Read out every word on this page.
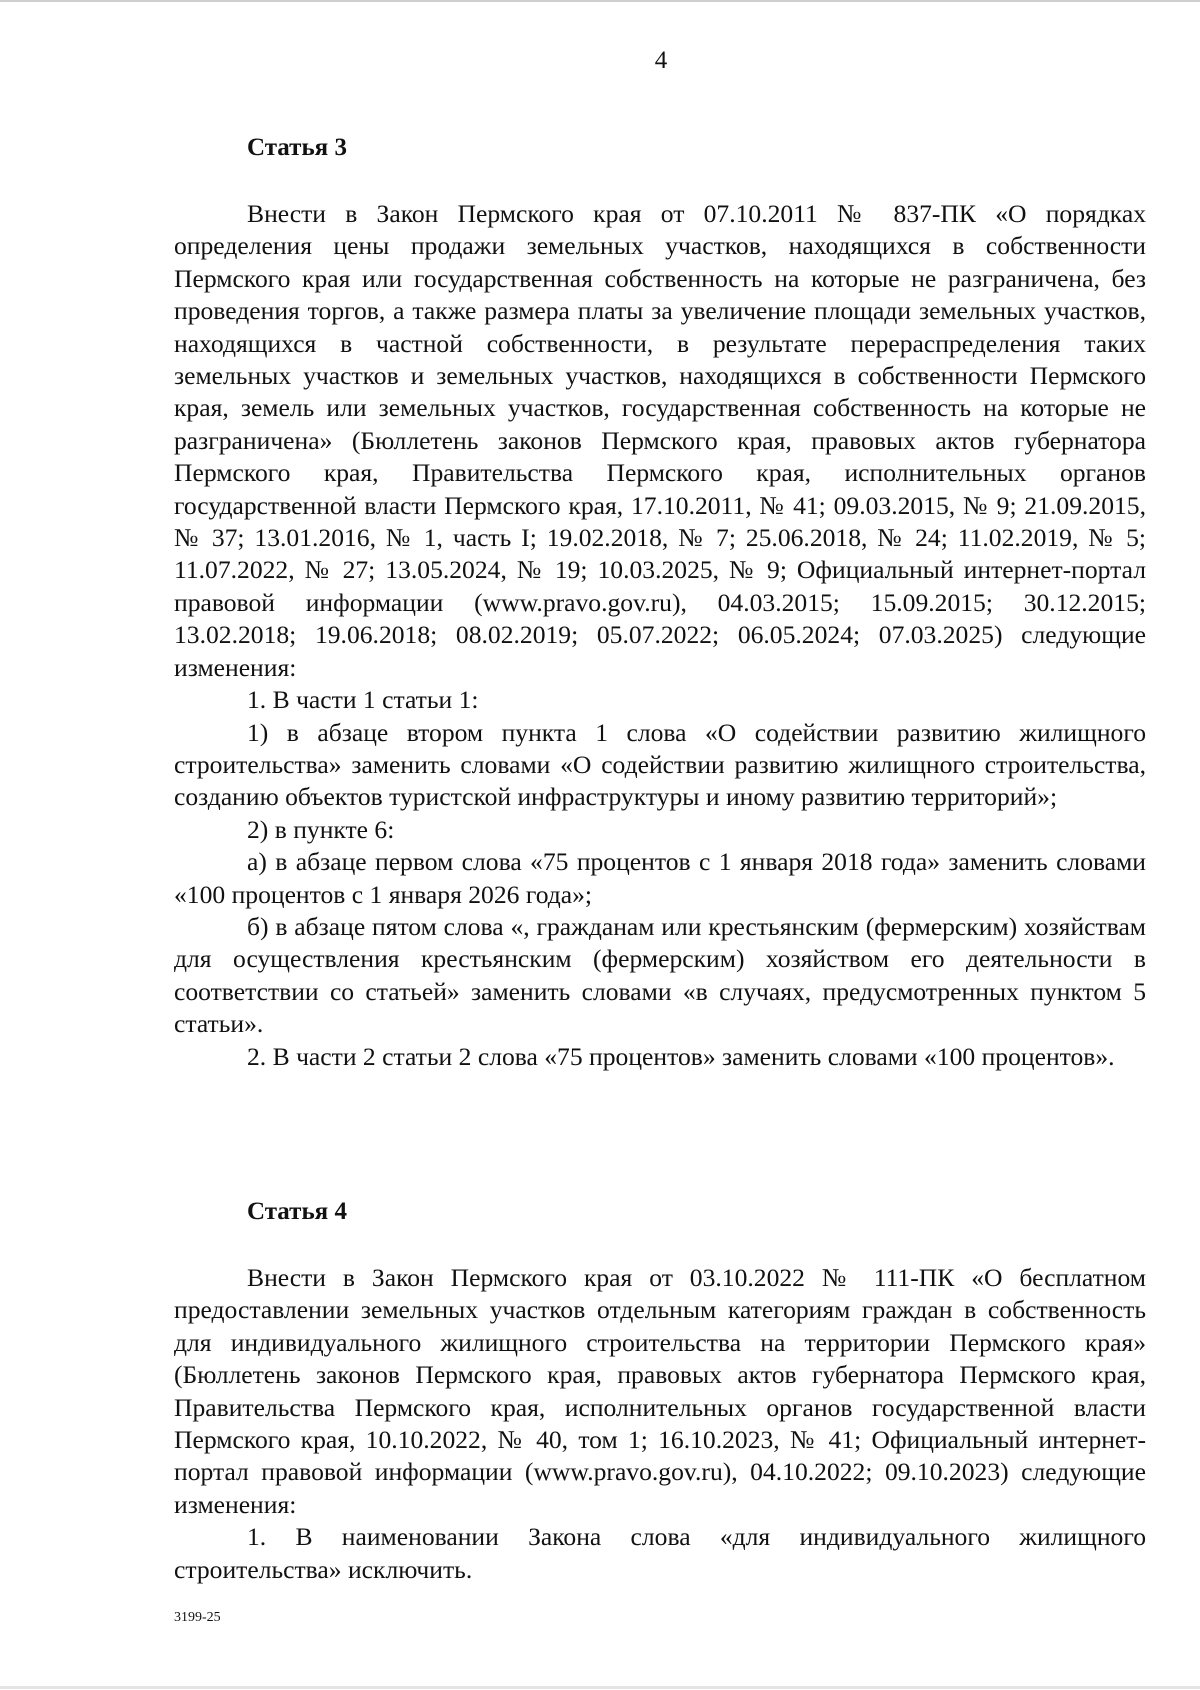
4
Статья 3

Внести в Закон Пермского края от 07.10.2011 № 837-ПК «О порядках определения цены продажи земельных участков, находящихся в собственности Пермского края или государственная собственность на которые не разграничена, без проведения торгов, а также размера платы за увеличение площади земельных участков, находящихся в частной собственности, в результате перераспределения таких земельных участков и земельных участков, находящихся в собственности Пермского края, земель или земельных участков, государственная собственность на которые не разграничена» (Бюллетень законов Пермского края, правовых актов губернатора Пермского края, Правительства Пермского края, исполнительных органов государственной власти Пермского края, 17.10.2011, № 41; 09.03.2015, № 9; 21.09.2015, № 37; 13.01.2016, № 1, часть I; 19.02.2018, № 7; 25.06.2018, № 24; 11.02.2019, № 5; 11.07.2022, № 27; 13.05.2024, № 19; 10.03.2025, № 9; Официальный интернет-портал правовой информации (www.pravo.gov.ru), 04.03.2015; 15.09.2015; 30.12.2015; 13.02.2018; 19.06.2018; 08.02.2019; 05.07.2022; 06.05.2024; 07.03.2025) следующие изменения:

1. В части 1 статьи 1:

1) в абзаце втором пункта 1 слова «О содействии развитию жилищного строительства» заменить словами «О содействии развитию жилищного строительства, созданию объектов туристской инфраструктуры и иному развитию территорий»;

2) в пункте 6:

а) в абзаце первом слова «75 процентов с 1 января 2018 года» заменить словами «100 процентов с 1 января 2026 года»;

б) в абзаце пятом слова «, гражданам или крестьянским (фермерским) хозяйствам для осуществления крестьянским (фермерским) хозяйством его деятельности в соответствии со статьей» заменить словами «в случаях, предусмотренных пунктом 5 статьи».

2. В части 2 статьи 2 слова «75 процентов» заменить словами «100 процентов».

Статья 4

Внести в Закон Пермского края от 03.10.2022 № 111-ПК «О бесплатном предоставлении земельных участков отдельным категориям граждан в собственность для индивидуального жилищного строительства на территории Пермского края» (Бюллетень законов Пермского края, правовых актов губернатора Пермского края, Правительства Пермского края, исполнительных органов государственной власти Пермского края, 10.10.2022, № 40, том 1; 16.10.2023, № 41; Официальный интернет-портал правовой информации (www.pravo.gov.ru), 04.10.2022; 09.10.2023) следующие изменения:

1. В наименовании Закона слова «для индивидуального жилищного строительства» исключить.

3199-25
